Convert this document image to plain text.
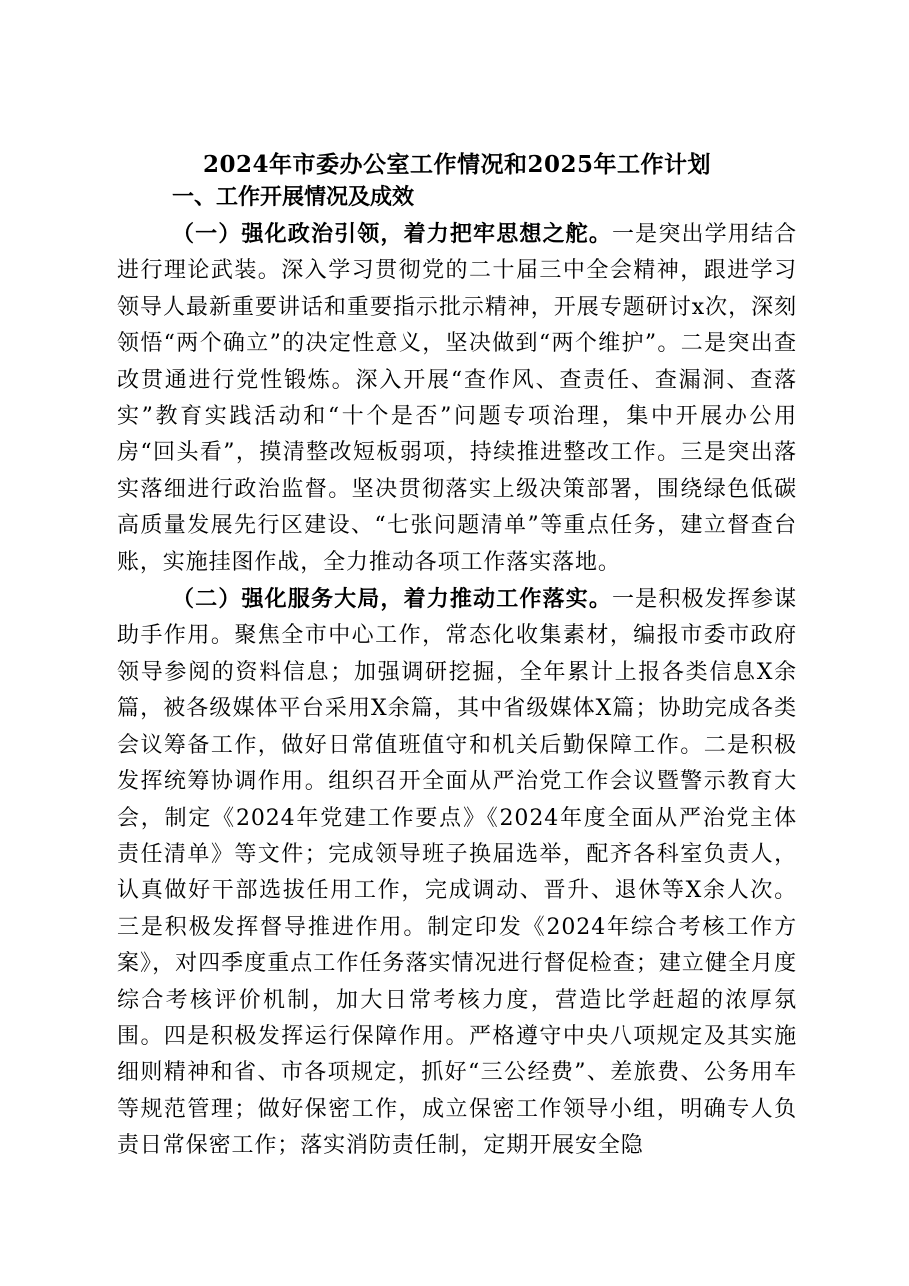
2024年市委办公室工作情况和2025年工作计划
一、工作开展情况及成效

（一）强化政治引领，着力把牢思想之舵。一是突出学用结合进行理论武装。深入学习贯彻党的二十届三中全会精神，跟进学习领导人最新重要讲话和重要指示批示精神，开展专题研讨x次，深刻领悟“两个确立”的决定性意义，坚决做到“两个维护”。二是突出查改贯通进行党性锻炼。深入开展“查作风、查责任、查漏洞、查落实”教育实践活动和“十个是否”问题专项治理，集中开展办公用房“回头看”，摸清整改短板弱项，持续推进整改工作。三是突出落实落细进行政治监督。坚决贯彻落实上级决策部署，围绕绿色低碳高质量发展先行区建设、“七张问题清单”等重点任务，建立督查台账，实施挂图作战，全力推动各项工作落实落地。

（二）强化服务大局，着力推动工作落实。一是积极发挥参谋助手作用。聚焦全市中心工作，常态化收集素材，编报市委市政府领导参阅的资料信息；加强调研挖掘，全年累计上报各类信息X余篇，被各级媒体平台采用X余篇，其中省级媒体X篇；协助完成各类会议筹备工作，做好日常值班值守和机关后勤保障工作。二是积极发挥统筹协调作用。组织召开全面从严治党工作会议暨警示教育大会，制定《2024年党建工作要点》《2024年度全面从严治党主体责任清单》等文件；完成领导班子换届选举，配齐各科室负责人，认真做好干部选拔任用工作，完成调动、晋升、退休等X余人次。三是积极发挥督导推进作用。制定印发《2024年综合考核工作方案》，对四季度重点工作任务落实情况进行督促检查；建立健全月度综合考核评价机制，加大日常考核力度，营造比学赶超的浓厚氛围。四是积极发挥运行保障作用。严格遵守中央八项规定及其实施细则精神和省、市各项规定，抓好“三公经费”、差旅费、公务用车等规范管理；做好保密工作，成立保密工作领导小组，明确专人负责日常保密工作；落实消防责任制，定期开展安全隐
